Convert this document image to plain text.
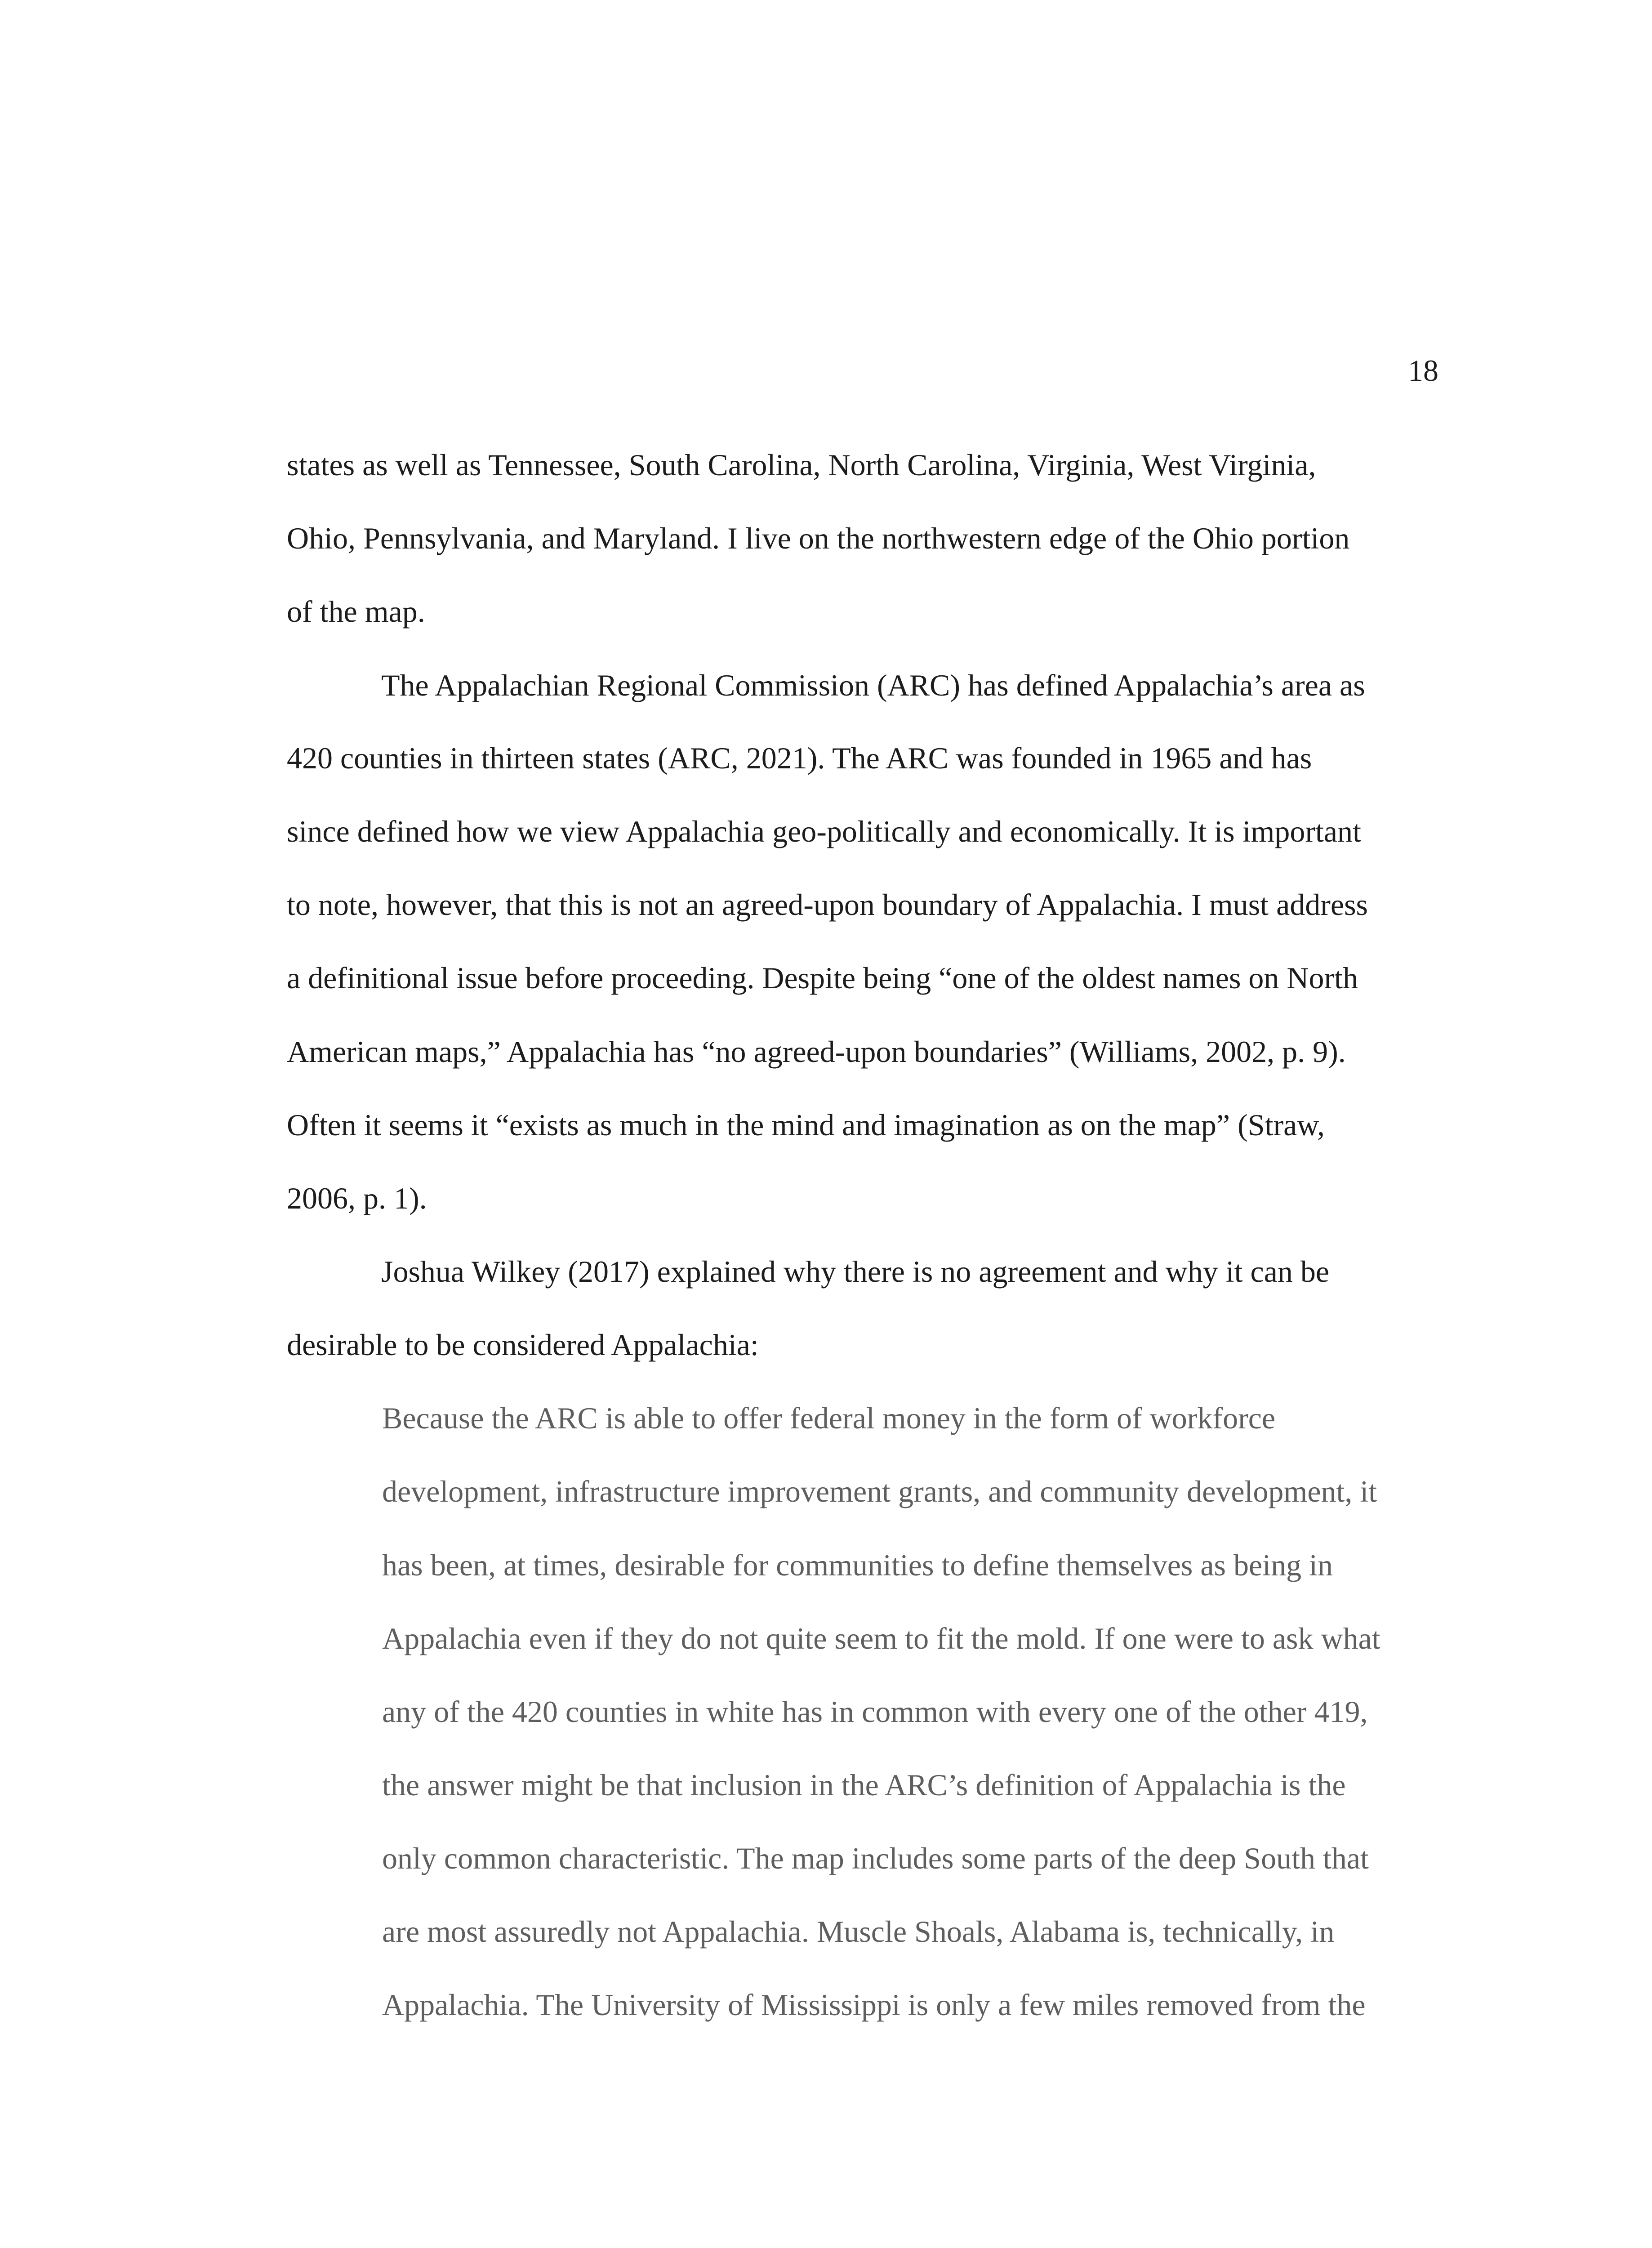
18
states as well as Tennessee, South Carolina, North Carolina, Virginia, West Virginia,
Ohio, Pennsylvania, and Maryland. I live on the northwestern edge of the Ohio portion
of the map.
The Appalachian Regional Commission (ARC) has defined Appalachia’s area as
420 counties in thirteen states (ARC, 2021). The ARC was founded in 1965 and has
since defined how we view Appalachia geo-politically and economically. It is important
to note, however, that this is not an agreed-upon boundary of Appalachia. I must address
a definitional issue before proceeding. Despite being “one of the oldest names on North
American maps,” Appalachia has “no agreed-upon boundaries” (Williams, 2002, p. 9).
Often it seems it “exists as much in the mind and imagination as on the map” (Straw,
2006, p. 1).
Joshua Wilkey (2017) explained why there is no agreement and why it can be
desirable to be considered Appalachia:
Because the ARC is able to offer federal money in the form of workforce
development, infrastructure improvement grants, and community development, it
has been, at times, desirable for communities to define themselves as being in
Appalachia even if they do not quite seem to fit the mold. If one were to ask what
any of the 420 counties in white has in common with every one of the other 419,
the answer might be that inclusion in the ARC’s definition of Appalachia is the
only common characteristic. The map includes some parts of the deep South that
are most assuredly not Appalachia. Muscle Shoals, Alabama is, technically, in
Appalachia. The University of Mississippi is only a few miles removed from the
